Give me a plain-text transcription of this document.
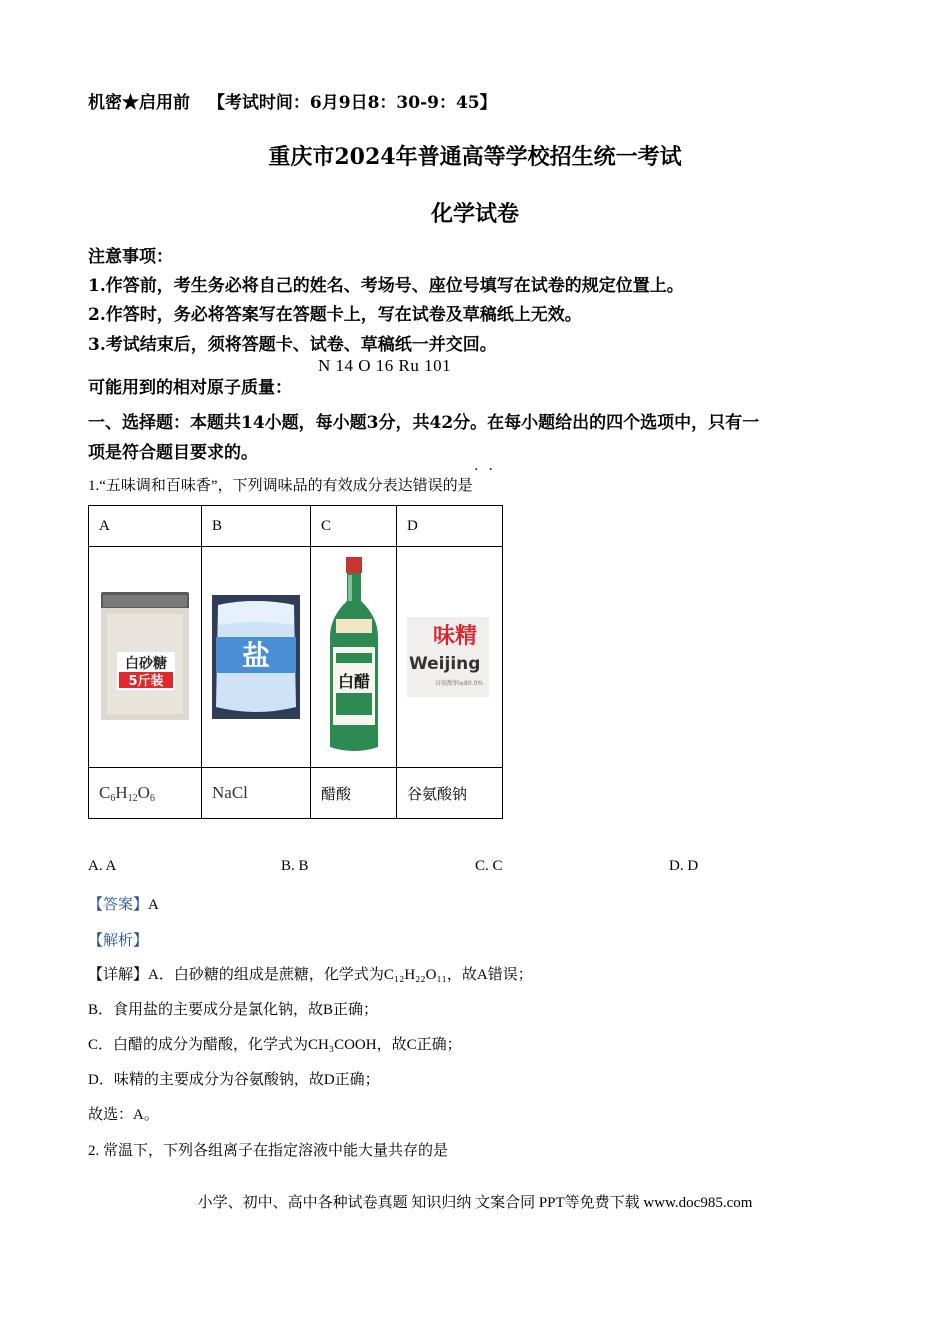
机密★启用前 【考试时间：6月9日8：30-9：45】
重庆市2024年普通高等学校招生统一考试
化学试卷
注意事项：
1.作答前，考生务必将自己的姓名、考场号、座位号填写在试卷的规定位置上。
2.作答时，务必将答案写在答题卡上，写在试卷及草稿纸上无效。
3.考试结束后，须将答题卡、试卷、草稿纸一并交回。
可能用到的相对原子质量：
N 14 O 16 Ru 101
一、选择题：本题共14小题，每小题3分，共42分。在每小题给出的四个选项中，只有一
项是符合题目要求的。
..
1.“五味调和百味香”，下列调味品的有效成分表达错误的是
A	B	C	D

白砂糖
5斤装	盐	白醋	味精
Weijing
谷氨酸钠≥80.0%

$C_6H_{12}O_6$	NaCl	醋酸	谷氨酸钠
A. A	B. B	C. C	D. D
【答案】A
【解析】
【详解】A．白砂糖的组成是蔗糖，化学式为C₁₂H₂₂O₁₁，故A错误；
B．食用盐的主要成分是氯化钠，故B正确；
C．白醋的成分为醋酸，化学式为CH₃COOH，故C正确；
D．味精的主要成分为谷氨酸钠，故D正确；
故选：A。
2. 常温下，下列各组离子在指定溶液中能大量共存的是
小学、初中、高中各种试卷真题 知识归纳 文案合同 PPT等免费下载 www.doc985.com
